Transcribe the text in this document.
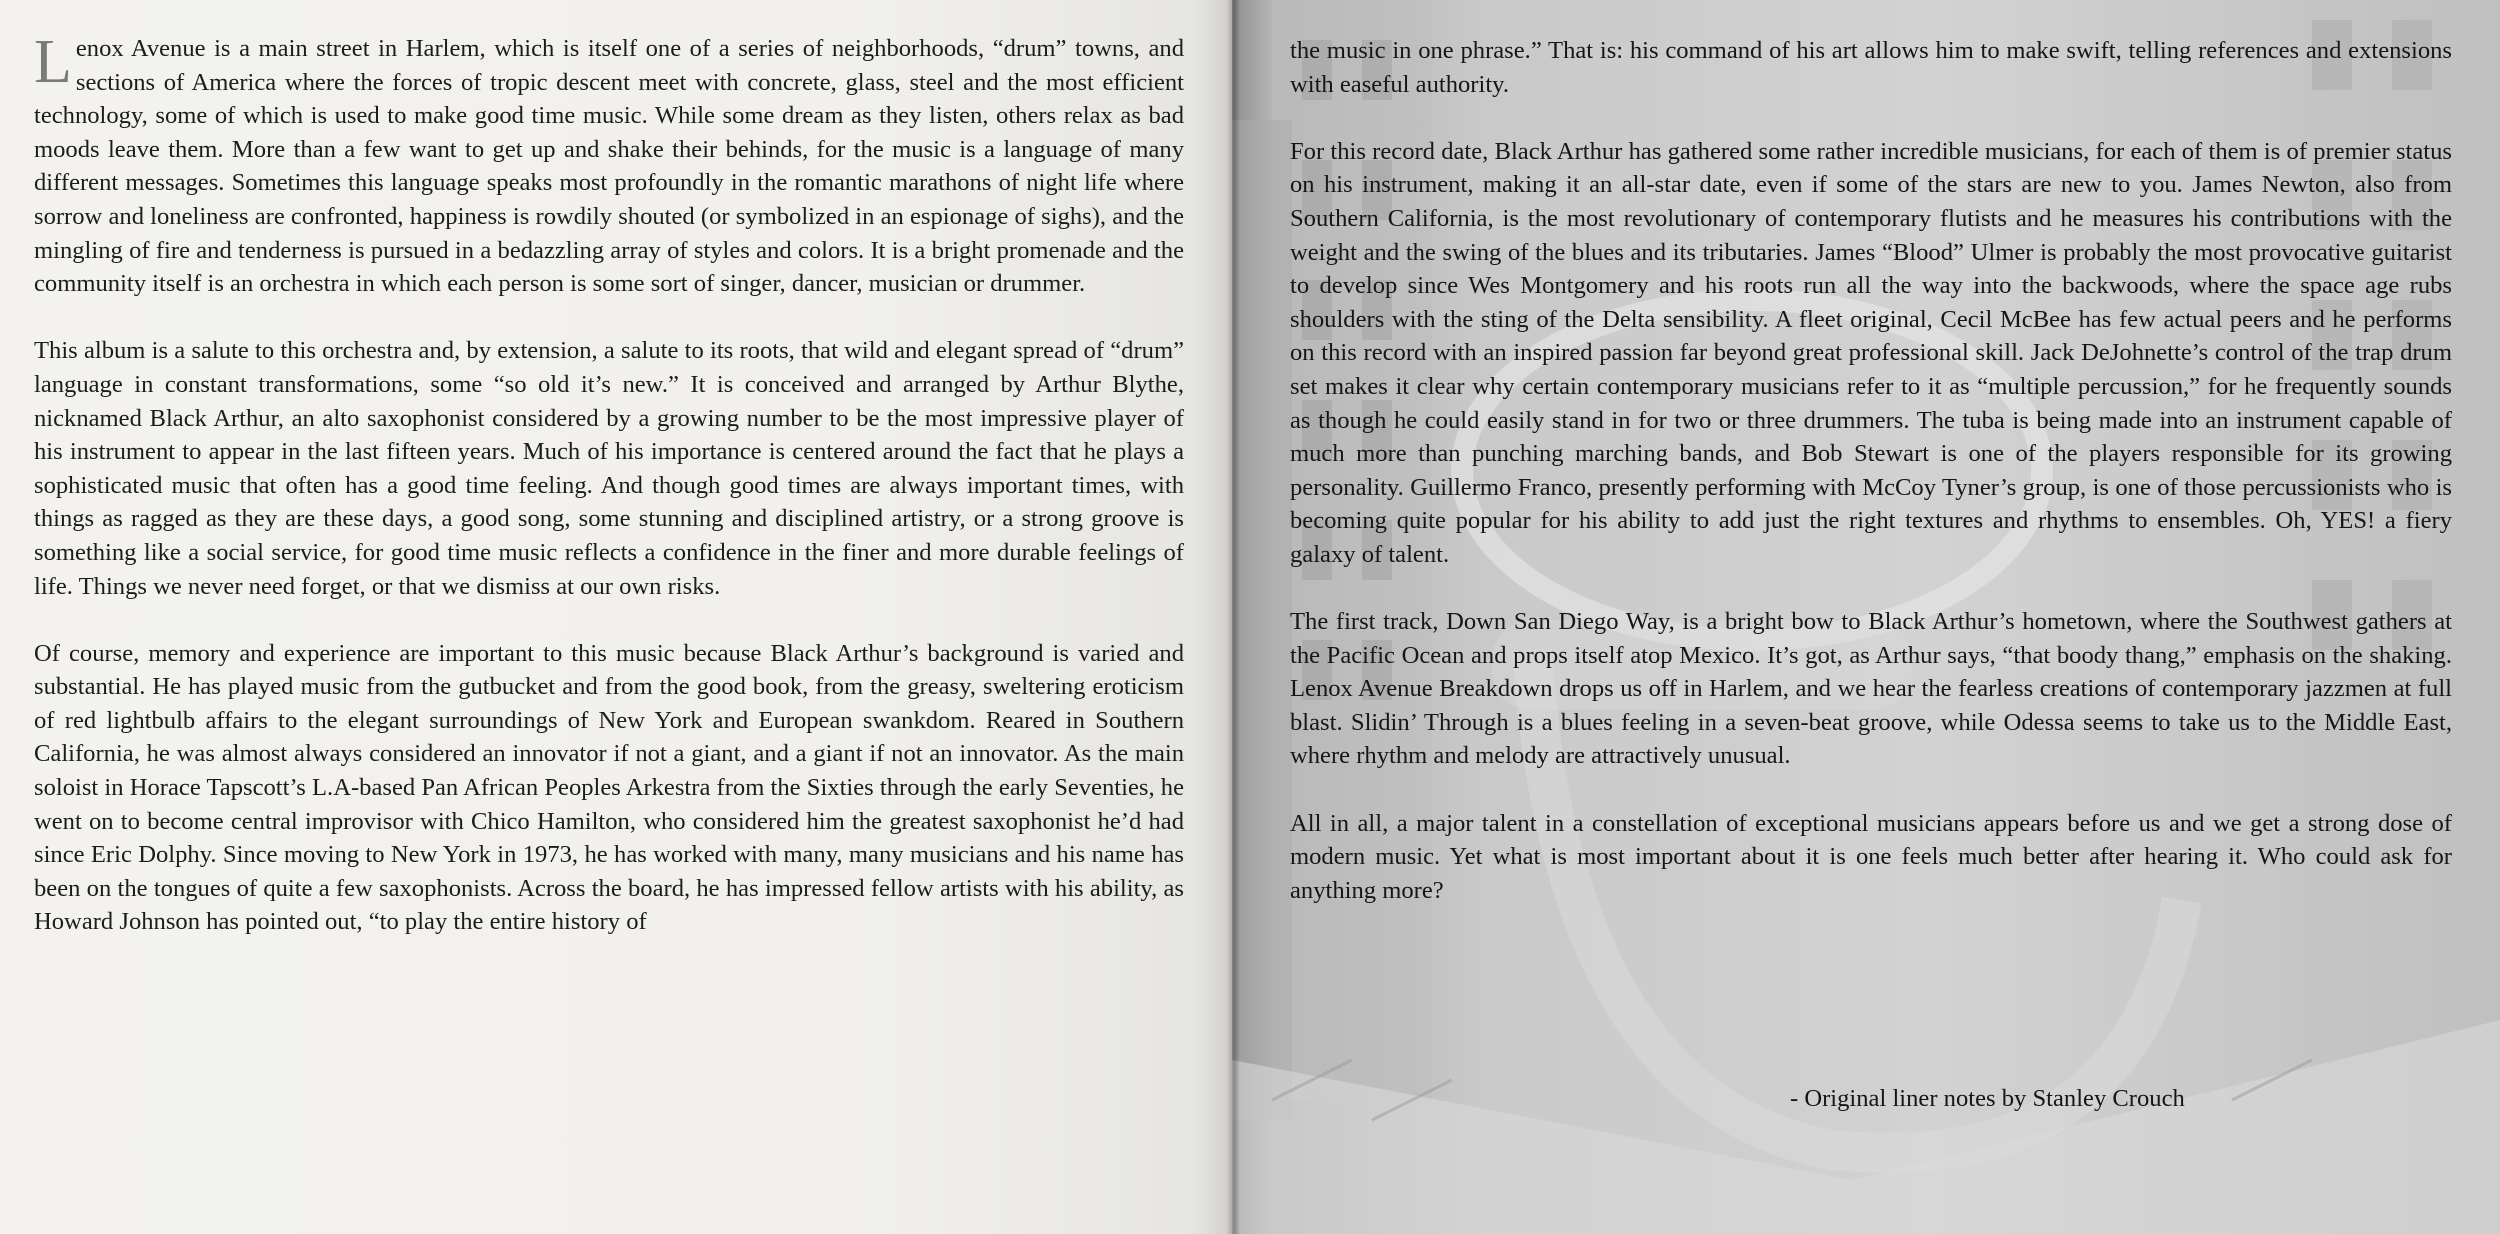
Lenox Avenue is a main street in Harlem, which is itself one of a series of neighborhoods, “drum” towns, and sections of America where the forces of tropic descent meet with concrete, glass, steel and the most efficient technology, some of which is used to make good time music. While some dream as they listen, others relax as bad moods leave them. More than a few want to get up and shake their behinds, for the music is a language of many different messages. Sometimes this language speaks most profoundly in the romantic marathons of night life where sorrow and loneliness are confronted, happiness is rowdily shouted (or symbolized in an espionage of sighs), and the mingling of fire and tenderness is pursued in a bedazzling array of styles and colors. It is a bright promenade and the community itself is an orchestra in which each person is some sort of singer, dancer, musician or drummer.

This album is a salute to this orchestra and, by extension, a salute to its roots, that wild and elegant spread of “drum” language in constant transformations, some “so old it’s new.” It is conceived and arranged by Arthur Blythe, nicknamed Black Arthur, an alto saxophonist considered by a growing number to be the most impressive player of his instrument to appear in the last fifteen years. Much of his importance is centered around the fact that he plays a sophisticated music that often has a good time feeling. And though good times are always important times, with things as ragged as they are these days, a good song, some stunning and disciplined artistry, or a strong groove is something like a social service, for good time music reflects a confidence in the finer and more durable feelings of life. Things we never need forget, or that we dismiss at our own risks.

Of course, memory and experience are important to this music because Black Arthur’s background is varied and substantial. He has played music from the gutbucket and from the good book, from the greasy, sweltering eroticism of red lightbulb affairs to the elegant surroundings of New York and European swankdom. Reared in Southern California, he was almost always considered an innovator if not a giant, and a giant if not an innovator. As the main soloist in Horace Tapscott’s L.A-based Pan African Peoples Arkestra from the Sixties through the early Seventies, he went on to become central improvisor with Chico Hamilton, who considered him the greatest saxophonist he’d had since Eric Dolphy. Since moving to New York in 1973, he has worked with many, many musicians and his name has been on the tongues of quite a few saxophonists. Across the board, he has impressed fellow artists with his ability, as Howard Johnson has pointed out, “to play the entire history of

the music in one phrase.” That is: his command of his art allows him to make swift, telling references and extensions with easeful authority.

For this record date, Black Arthur has gathered some rather incredible musicians, for each of them is of premier status on his instrument, making it an all-star date, even if some of the stars are new to you. James Newton, also from Southern California, is the most revolutionary of contemporary flutists and he measures his contributions with the weight and the swing of the blues and its tributaries. James “Blood” Ulmer is probably the most provocative guitarist to develop since Wes Montgomery and his roots run all the way into the backwoods, where the space age rubs shoulders with the sting of the Delta sensibility. A fleet original, Cecil McBee has few actual peers and he performs on this record with an inspired passion far beyond great professional skill. Jack DeJohnette’s control of the trap drum set makes it clear why certain contemporary musicians refer to it as “multiple percussion,” for he frequently sounds as though he could easily stand in for two or three drummers. The tuba is being made into an instrument capable of much more than punching marching bands, and Bob Stewart is one of the players responsible for its growing personality. Guillermo Franco, presently performing with McCoy Tyner’s group, is one of those percussionists who is becoming quite popular for his ability to add just the right textures and rhythms to ensembles. Oh, YES! a fiery galaxy of talent.

The first track, Down San Diego Way, is a bright bow to Black Arthur’s hometown, where the Southwest gathers at the Pacific Ocean and props itself atop Mexico. It’s got, as Arthur says, “that boody thang,” emphasis on the shaking. Lenox Avenue Breakdown drops us off in Harlem, and we hear the fearless creations of contemporary jazzmen at full blast. Slidin’ Through is a blues feeling in a seven-beat groove, while Odessa seems to take us to the Middle East, where rhythm and melody are attractively unusual.

All in all, a major talent in a constellation of exceptional musicians appears before us and we get a strong dose of modern music. Yet what is most important about it is one feels much better after hearing it. Who could ask for anything more?

- Original liner notes by Stanley Crouch
